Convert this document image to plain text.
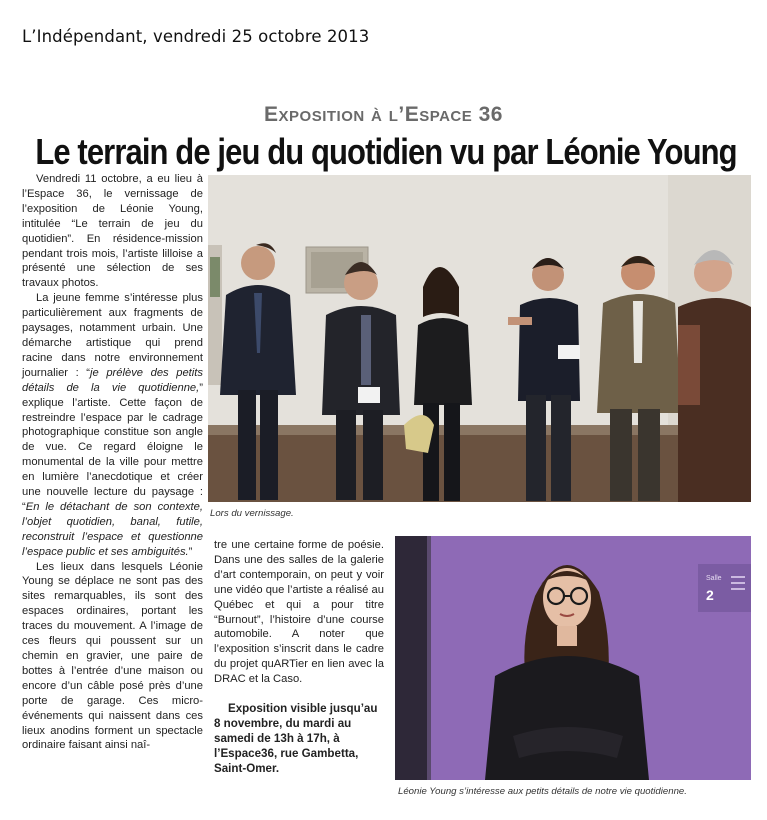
L’Indépendant, vendredi 25 octobre 2013
Exposition à l’Espace 36
Le terrain de jeu du quotidien vu par Léonie Young

Vendredi 11 octobre, a eu lieu à l’Espace 36, le vernissage de l’exposition de Léonie Young, intitulée “Le terrain de jeu du quotidien”. En résidence-mission pendant trois mois, l’artiste lilloise a présenté une sélection de ses travaux photos.

La jeune femme s’intéresse plus particulièrement aux fragments de paysages, notamment urbain. Une démarche artistique qui prend racine dans notre environnement journalier : “je prélève des petits détails de la vie quotidienne,” explique l’artiste. Cette façon de restreindre l’espace par le cadrage photographique constitue son angle de vue. Ce regard éloigne le monumental de la ville pour mettre en lumière l’anecdotique et créer une nouvelle lecture du paysage : “En le détachant de son contexte, l’objet quotidien, banal, futile, reconstruit l’espace et questionne l’espace public et ses ambiguités.”

Les lieux dans lesquels Léonie Young se déplace ne sont pas des sites remarquables, ils sont des espaces ordinaires, portant les traces du mouvement. A l’image de ces fleurs qui poussent sur un chemin en gravier, une paire de bottes à l’entrée d’une maison ou encore d’un câble posé près d’une porte de garage. Ces micro-événements qui naissent dans ces lieux anodins forment un spectacle ordinaire faisant ainsi naî-

Lors du vernissage.

tre une certaine forme de poésie. Dans une des salles de la galerie d’art contemporain, on peut y voir une vidéo que l’artiste a réalisé au Québec et qui a pour titre “Burnout”, l’histoire d’une course automobile. A noter que l’exposition s’inscrit dans le cadre du projet quARTier en lien avec la DRAC et la Caso.

Exposition visible jusqu’au 8 novembre, du mardi au samedi de 13h à 17h, à l’Espace36, rue Gambetta, Saint-Omer.

Salle
2
Léonie Young s’intéresse aux petits détails de notre vie quotidienne.
